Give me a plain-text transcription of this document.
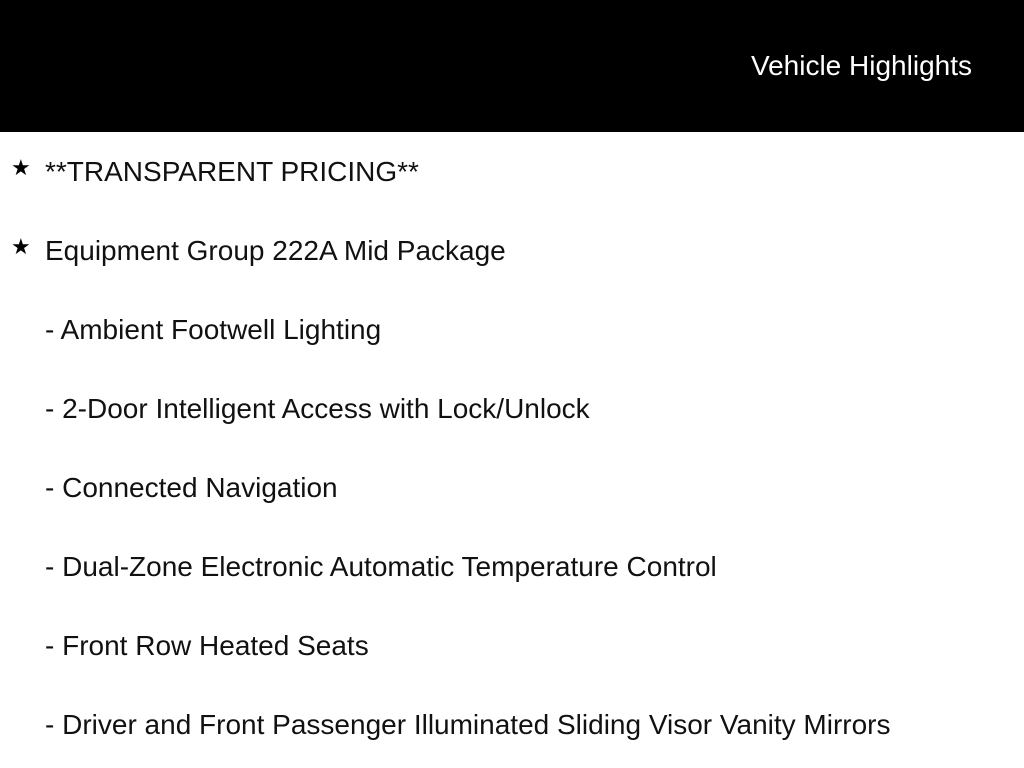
Vehicle Highlights
★ **TRANSPARENT PRICING**
★ Equipment Group 222A Mid Package
- Ambient Footwell Lighting
- 2-Door Intelligent Access with Lock/Unlock
- Connected Navigation
- Dual-Zone Electronic Automatic Temperature Control
- Front Row Heated Seats
- Driver and Front Passenger Illuminated Sliding Visor Vanity Mirrors
